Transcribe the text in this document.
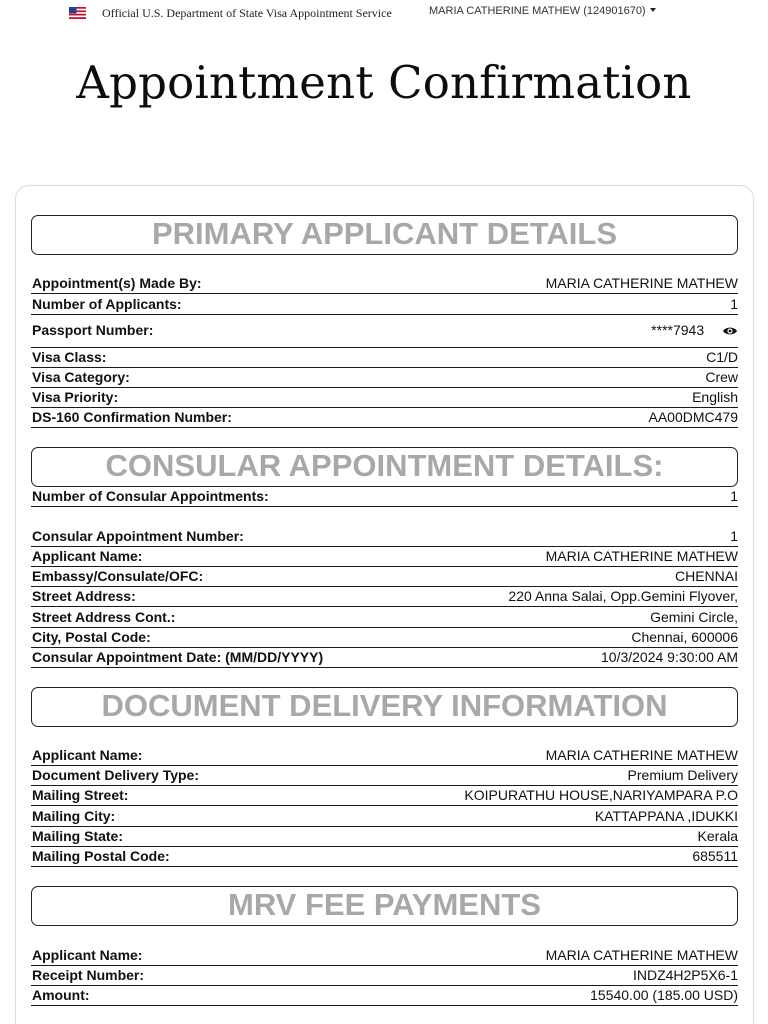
Official U.S. Department of State Visa Appointment Service	MARIA CATHERINE MATHEW (124901670)
Appointment Confirmation
PRIMARY APPLICANT DETAILS
Appointment(s) Made By:	MARIA CATHERINE MATHEW
Number of Applicants:	1
Passport Number:	****7943
Visa Class:	C1/D
Visa Category:	Crew
Visa Priority:	English
DS-160 Confirmation Number:	AA00DMC479
CONSULAR APPOINTMENT DETAILS:
Number of Consular Appointments:	1
Consular Appointment Number:	1
Applicant Name:	MARIA CATHERINE MATHEW
Embassy/Consulate/OFC:	CHENNAI
Street Address:	220 Anna Salai, Opp.Gemini Flyover,
Street Address Cont.:	Gemini Circle,
City, Postal Code:	Chennai, 600006
Consular Appointment Date: (MM/DD/YYYY)	10/3/2024 9:30:00 AM
DOCUMENT DELIVERY INFORMATION
Applicant Name:	MARIA CATHERINE MATHEW
Document Delivery Type:	Premium Delivery
Mailing Street:	KOIPURATHU HOUSE,NARIYAMPARA P.O
Mailing City:	KATTAPPANA ,IDUKKI
Mailing State:	Kerala
Mailing Postal Code:	685511
MRV FEE PAYMENTS
Applicant Name:	MARIA CATHERINE MATHEW
Receipt Number:	INDZ4H2P5X6-1
Amount:	15540.00 (185.00 USD)
